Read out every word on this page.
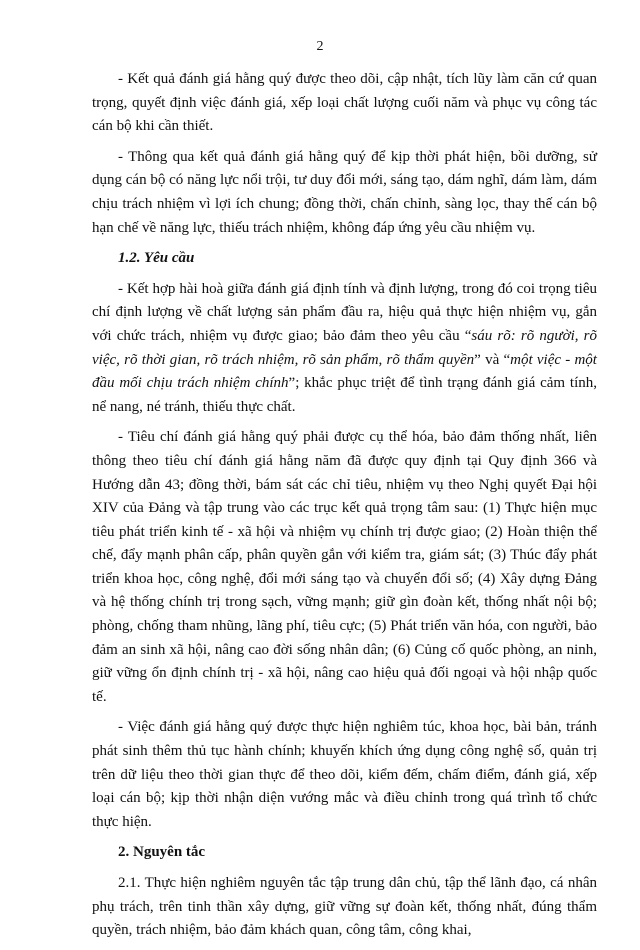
2

- Kết quả đánh giá hằng quý được theo dõi, cập nhật, tích lũy làm căn cứ quan trọng, quyết định việc đánh giá, xếp loại chất lượng cuối năm và phục vụ công tác cán bộ khi cần thiết.

- Thông qua kết quả đánh giá hằng quý để kịp thời phát hiện, bồi dưỡng, sử dụng cán bộ có năng lực nổi trội, tư duy đổi mới, sáng tạo, dám nghĩ, dám làm, dám chịu trách nhiệm vì lợi ích chung; đồng thời, chấn chỉnh, sàng lọc, thay thế cán bộ hạn chế về năng lực, thiếu trách nhiệm, không đáp ứng yêu cầu nhiệm vụ.

1.2. Yêu cầu

- Kết hợp hài hoà giữa đánh giá định tính và định lượng, trong đó coi trọng tiêu chí định lượng về chất lượng sản phẩm đầu ra, hiệu quả thực hiện nhiệm vụ, gắn với chức trách, nhiệm vụ được giao; bảo đảm theo yêu cầu “sáu rõ: rõ người, rõ việc, rõ thời gian, rõ trách nhiệm, rõ sản phẩm, rõ thẩm quyền” và “một việc - một đầu mối chịu trách nhiệm chính”; khắc phục triệt để tình trạng đánh giá cảm tính, nể nang, né tránh, thiếu thực chất.

- Tiêu chí đánh giá hằng quý phải được cụ thể hóa, bảo đảm thống nhất, liên thông theo tiêu chí đánh giá hằng năm đã được quy định tại Quy định 366 và Hướng dẫn 43; đồng thời, bám sát các chỉ tiêu, nhiệm vụ theo Nghị quyết Đại hội XIV của Đảng và tập trung vào các trục kết quả trọng tâm sau: (1) Thực hiện mục tiêu phát triển kinh tế - xã hội và nhiệm vụ chính trị được giao; (2) Hoàn thiện thể chế, đẩy mạnh phân cấp, phân quyền gắn với kiểm tra, giám sát; (3) Thúc đẩy phát triển khoa học, công nghệ, đổi mới sáng tạo và chuyển đổi số; (4) Xây dựng Đảng và hệ thống chính trị trong sạch, vững mạnh; giữ gìn đoàn kết, thống nhất nội bộ; phòng, chống tham nhũng, lãng phí, tiêu cực; (5) Phát triển văn hóa, con người, bảo đảm an sinh xã hội, nâng cao đời sống nhân dân; (6) Củng cố quốc phòng, an ninh, giữ vững ổn định chính trị - xã hội, nâng cao hiệu quả đối ngoại và hội nhập quốc tế.

- Việc đánh giá hằng quý được thực hiện nghiêm túc, khoa học, bài bản, tránh phát sinh thêm thủ tục hành chính; khuyến khích ứng dụng công nghệ số, quản trị trên dữ liệu theo thời gian thực để theo dõi, kiểm đếm, chấm điểm, đánh giá, xếp loại cán bộ; kịp thời nhận diện vướng mắc và điều chỉnh trong quá trình tổ chức thực hiện.

2. Nguyên tắc

2.1. Thực hiện nghiêm nguyên tắc tập trung dân chủ, tập thể lãnh đạo, cá nhân phụ trách, trên tinh thần xây dựng, giữ vững sự đoàn kết, thống nhất, đúng thẩm quyền, trách nhiệm, bảo đảm khách quan, công tâm, công khai,
